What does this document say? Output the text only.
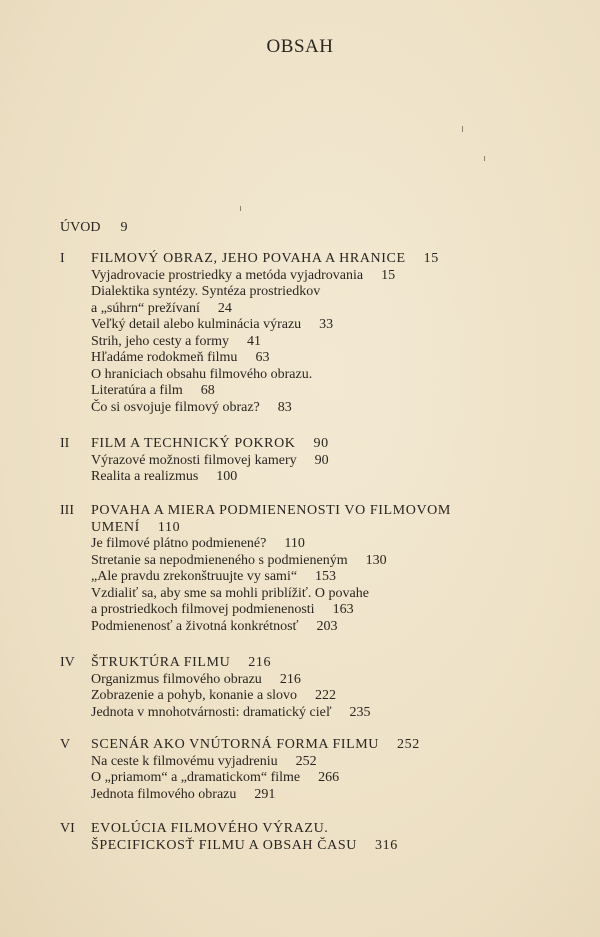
OBSAH
ÚVOD 9
I	FILMOVÝ OBRAZ, JEHO POVAHA A HRANICE 15
Vyjadrovacie prostriedky a metóda vyjadrovania 15
Dialektika syntézy. Syntéza prostriedkov
a „súhrn“ prežívaní 24
Veľký detail alebo kulminácia výrazu 33
Strih, jeho cesty a formy 41
Hľadáme rodokmeň filmu 63
O hraniciach obsahu filmového obrazu.
Literatúra a film 68
Čo si osvojuje filmový obraz? 83
II	FILM A TECHNICKÝ POKROK 90
Výrazové možnosti filmovej kamery 90
Realita a realizmus 100
III	POVAHA A MIERA PODMIENENOSTI VO FILMOVOM
UMENÍ 110
Je filmové plátno podmienené? 110
Stretanie sa nepodmieneného s podmieneným 130
„Ale pravdu zrekonštruujte vy sami“ 153
Vzdialiť sa, aby sme sa mohli priblížiť. O povahe
a prostriedkoch filmovej podmienenosti 163
Podmienenosť a životná konkrétnosť 203
IV	ŠTRUKTÚRA FILMU 216
Organizmus filmového obrazu 216
Zobrazenie a pohyb, konanie a slovo 222
Jednota v mnohotvárnosti: dramatický cieľ 235
V	SCENÁR AKO VNÚTORNÁ FORMA FILMU 252
Na ceste k filmovému vyjadreniu 252
O „priamom“ a „dramatickom“ filme 266
Jednota filmového obrazu 291
VI	EVOLÚCIA FILMOVÉHO VÝRAZU.
ŠPECIFICKOSŤ FILMU A OBSAH ČASU 316
